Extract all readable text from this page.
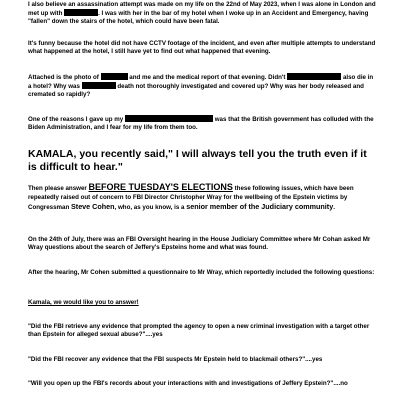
I also believe an assassination attempt was made on my life on the 22nd of May 2023, when I was alone in London and met up with	. I was with her in the bar of my hotel when I woke up in an Accident and Emergency, having "fallen" down the stairs of the hotel, which could have been fatal.

It's funny because the hotel did not have CCTV footage of the incident, and even after multiple attempts to understand what happened at the hotel, I still have yet to find out what happened that evening.

Attached is the photo of	and me and the medical report of that evening. Didn't	also die in a hotel? Why was	death not thoroughly investigated and covered up? Why was her body released and cremated so rapidly?

One of the reasons I gave up my	was that the British government has colluded with the Biden Administration, and I fear for my life from them too.

KAMALA, you recently said," I will always tell you the truth even if it is difficult to hear."

Then please answer BEFORE TUESDAY'S ELECTIONS these following issues, which have been repeatedly raised out of concern to FBI Director Christopher Wray for the wellbeing of the Epstein victims by Congressman Steve Cohen, who, as you know, is a senior member of the Judiciary community.

On the 24th of July, there was an FBI Oversight hearing in the House Judiciary Committee where Mr Cohan asked Mr Wray questions about the search of Jeffery's Epsteins home and what was found.

After the hearing, Mr Cohen submitted a questionnaire to Mr Wray, which reportedly included the following questions:

Kamala, we would like you to answer!

"Did the FBI retrieve any evidence that prompted the agency to open a new criminal investigation with a target other than Epstein for alleged sexual abuse?"....yes

"Did the FBI recover any evidence that the FBI suspects Mr Epstein held to blackmail others?"....yes

"Will you open up the FBI's records about your interactions with and investigations of Jeffery Epstein?"....no
